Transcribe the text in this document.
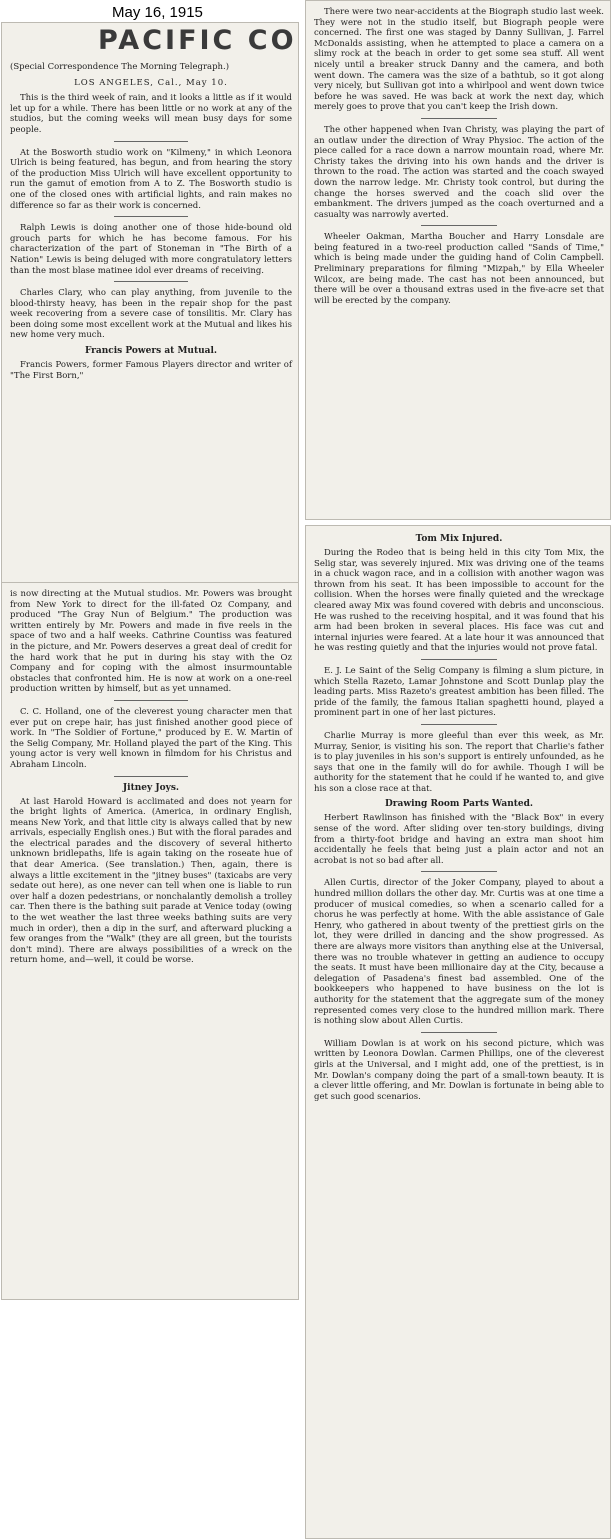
PACIFIC CO

(Special Correspondence The Morning Telegraph.)

LOS ANGELES, Cal., May 10.

This is the third week of rain, and it looks a little as if it would let up for a while. There has been little or no work at any of the studios, but the coming weeks will mean busy days for some people.

At the Bosworth studio work on "Kilmeny," in which Leonora Ulrich is being featured, has begun, and from hearing the story of the production Miss Ulrich will have excellent opportunity to run the gamut of emotion from A to Z. The Bosworth studio is one of the closed ones with artificial lights, and rain makes no difference so far as their work is concerned.

Ralph Lewis is doing another one of those hide-bound old grouch parts for which he has become famous. For his characterization of the part of Stoneman in "The Birth of a Nation" Lewis is being deluged with more congratulatory letters than the most blase matinee idol ever dreams of receiving.

Charles Clary, who can play anything, from juvenile to the blood-thirsty heavy, has been in the repair shop for the past week recovering from a severe case of tonsilitis. Mr. Clary has been doing some most excellent work at the Mutual and likes his new home very much.

Francis Powers at Mutual.

Francis Powers, former Famous Players director and writer of "The First Born,"

is now directing at the Mutual studios. Mr. Powers was brought from New York to direct for the ill-fated Oz Company, and produced "The Gray Nun of Belgium." The production was written entirely by Mr. Powers and made in five reels in the space of two and a half weeks. Cathrine Countiss was featured in the picture, and Mr. Powers deserves a great deal of credit for the hard work that he put in during his stay with the Oz Company and for coping with the almost insurmountable obstacles that confronted him. He is now at work on a one-reel production written by himself, but as yet unnamed.

C. C. Holland, one of the cleverest young character men that ever put on crepe hair, has just finished another good piece of work. In "The Soldier of Fortune," produced by E. W. Martin of the Selig Company, Mr. Holland played the part of the King. This young actor is very well known in filmdom for his Christus and Abraham Lincoln.

Jitney Joys.

At last Harold Howard is acclimated and does not yearn for the bright lights of America. (America, in ordinary English, means New York, and that little city is always called that by new arrivals, especially English ones.) But with the floral parades and the electrical parades and the discovery of several hitherto unknown bridlepaths, life is again taking on the roseate hue of that dear America. (See translation.) Then, again, there is always a little excitement in the "jitney buses" (taxicabs are very sedate out here), as one never can tell when one is liable to run over half a dozen pedestrians, or nonchalantly demolish a trolley car. Then there is the bathing suit parade at Venice today (owing to the wet weather the last three weeks bathing suits are very much in order), then a dip in the surf, and afterward plucking a few oranges from the "Walk" (they are all green, but the tourists don't mind). There are always possibilities of a wreck on the return home, and—well, it could be worse.

There were two near-accidents at the Biograph studio last week. They were not in the studio itself, but Biograph people were concerned. The first one was staged by Danny Sullivan, J. Farrel McDonalds assisting, when he attempted to place a camera on a slimy rock at the beach in order to get some sea stuff. All went nicely until a breaker struck Danny and the camera, and both went down. The camera was the size of a bathtub, so it got along very nicely, but Sullivan got into a whirlpool and went down twice before he was saved. He was back at work the next day, which merely goes to prove that you can't keep the Irish down.

The other happened when Ivan Christy, was playing the part of an outlaw under the direction of Wray Physioc. The action of the piece called for a race down a narrow mountain road, where Mr. Christy takes the driving into his own hands and the driver is thrown to the road. The action was started and the coach swayed down the narrow ledge. Mr. Christy took control, but during the change the horses swerved and the coach slid over the embankment. The drivers jumped as the coach overturned and a casualty was narrowly averted.

Wheeler Oakman, Martha Boucher and Harry Lonsdale are being featured in a two-reel production called "Sands of Time," which is being made under the guiding hand of Colin Campbell. Preliminary preparations for filming "Mizpah," by Ella Wheeler Wilcox, are being made. The cast has not been announced, but there will be over a thousand extras used in the five-acre set that will be erected by the company.

Tom Mix Injured.

During the Rodeo that is being held in this city Tom Mix, the Selig star, was severely injured. Mix was driving one of the teams in a chuck wagon race, and in a collision with another wagon was thrown from his seat. It has been impossible to account for the collision. When the horses were finally quieted and the wreckage cleared away Mix was found covered with debris and unconscious. He was rushed to the receiving hospital, and it was found that his arm had been broken in several places. His face was cut and internal injuries were feared. At a late hour it was announced that he was resting quietly and that the injuries would not prove fatal.

E. J. Le Saint of the Selig Company is filming a slum picture, in which Stella Razeto, Lamar Johnstone and Scott Dunlap play the leading parts. Miss Razeto's greatest ambition has been filled. The pride of the family, the famous Italian spaghetti hound, played a prominent part in one of her last pictures.

Charlie Murray is more gleeful than ever this week, as Mr. Murray, Senior, is visiting his son. The report that Charlie's father is to play juveniles in his son's support is entirely unfounded, as he says that one in the family will do for awhile. Though I will be authority for the statement that he could if he wanted to, and give his son a close race at that.

Drawing Room Parts Wanted.

Herbert Rawlinson has finished with the "Black Box" in every sense of the word. After sliding over ten-story buildings, diving from a thirty-foot bridge and having an extra man shoot him accidentally he feels that being just a plain actor and not an acrobat is not so bad after all.

Allen Curtis, director of the Joker Company, played to about a hundred million dollars the other day. Mr. Curtis was at one time a producer of musical comedies, so when a scenario called for a chorus he was perfectly at home. With the able assistance of Gale Henry, who gathered in about twenty of the prettiest girls on the lot, they were drilled in dancing and the show progressed. As there are always more visitors than anything else at the Universal, there was no trouble whatever in getting an audience to occupy the seats. It must have been millionaire day at the City, because a delegation of Pasadena's finest bad assembled. One of the bookkeepers who happened to have business on the lot is authority for the statement that the aggregate sum of the money represented comes very close to the hundred million mark. There is nothing slow about Allen Curtis.

William Dowlan is at work on his second picture, which was written by Leonora Dowlan. Carmen Phillips, one of the cleverest girls at the Universal, and I might add, one of the prettiest, is in Mr. Dowlan's company doing the part of a small-town beauty. It is a clever little offering, and Mr. Dowlan is fortunate in being able to get such good scenarios.

May 16, 1915
